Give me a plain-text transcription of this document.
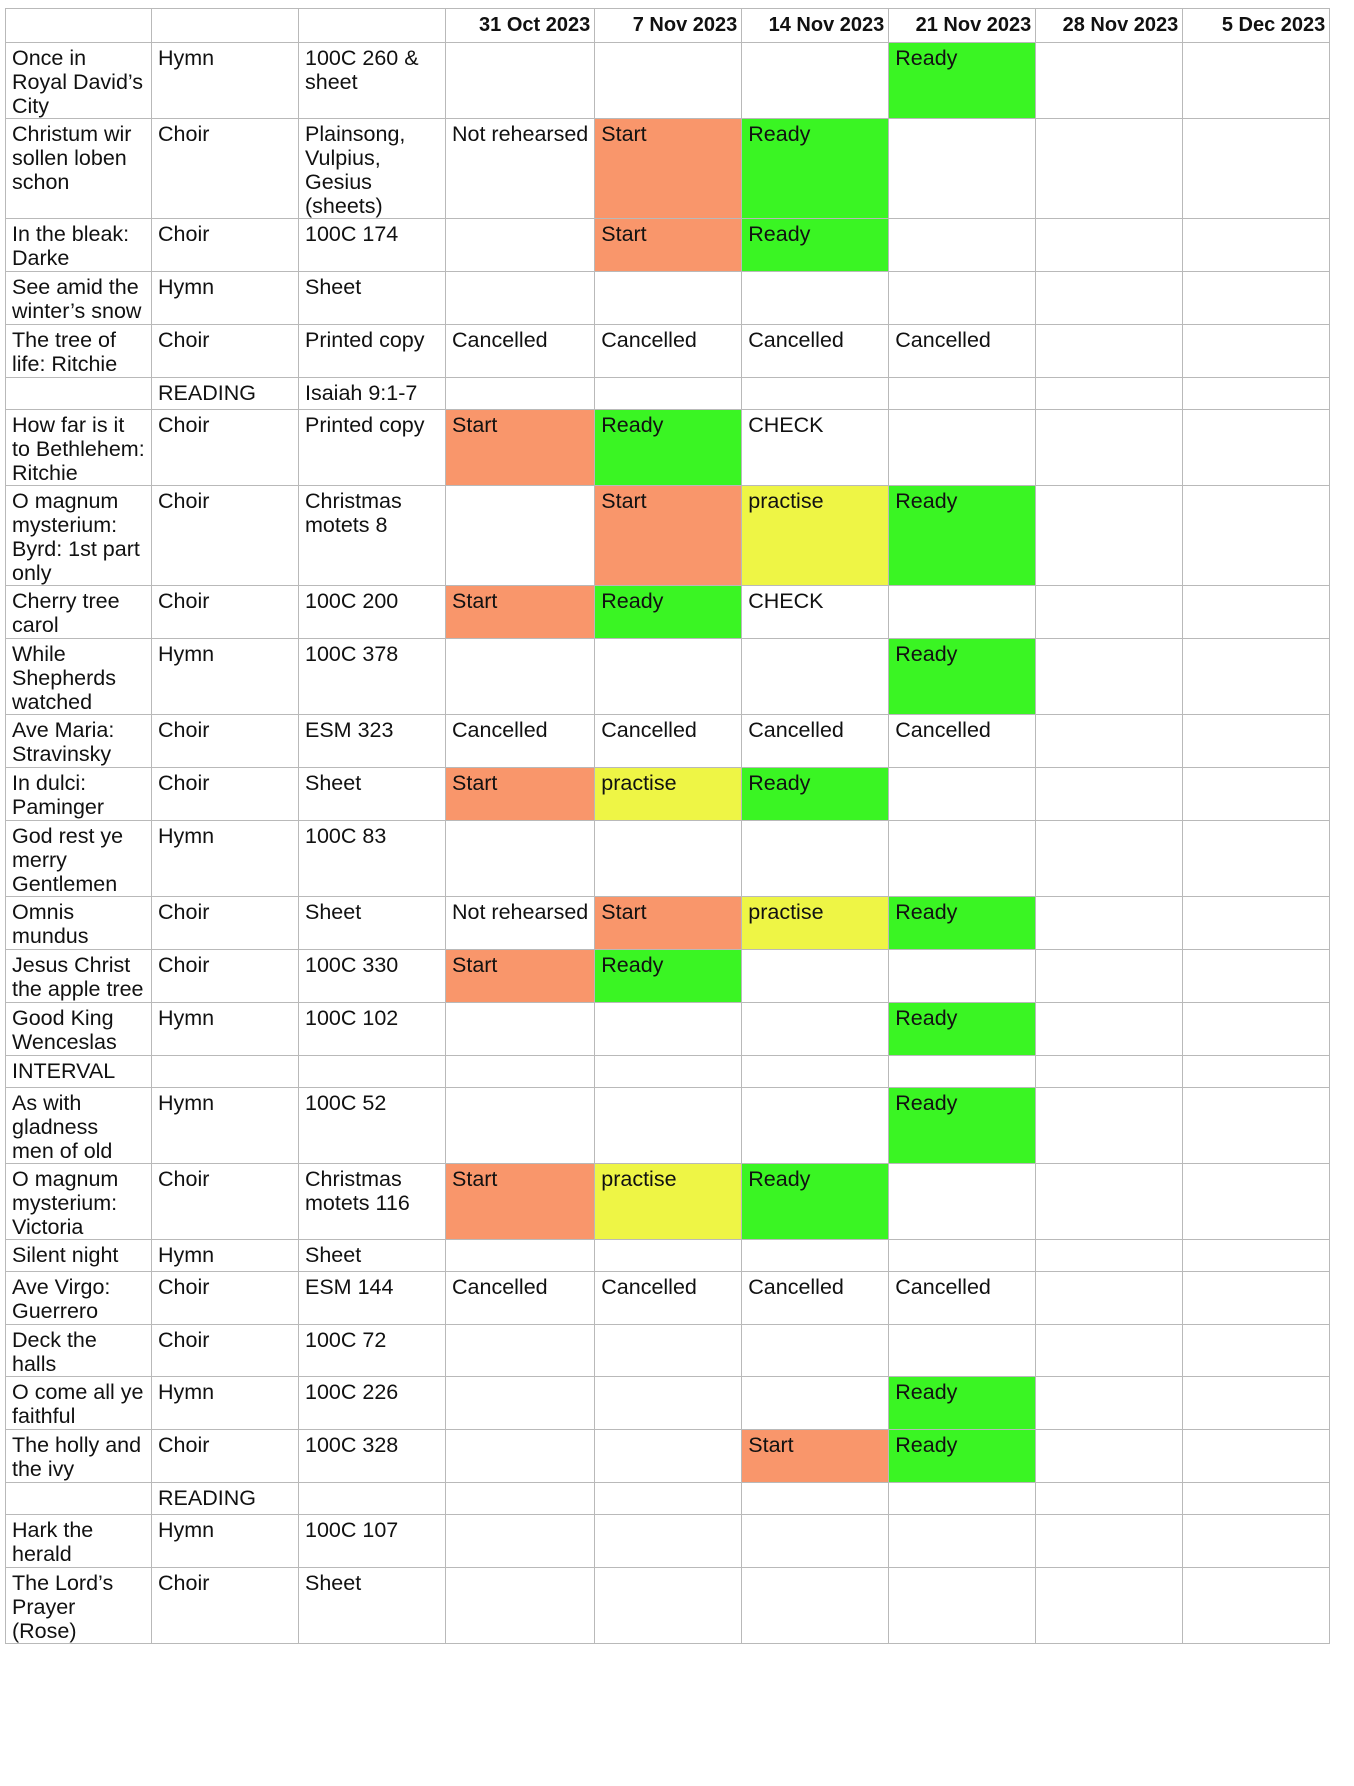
			31 Oct 2023	7 Nov 2023	14 Nov 2023	21 Nov 2023	28 Nov 2023	5 Dec 2023
Once in Royal David’s City	Hymn	100C 260 & sheet				Ready		
Christum wir sollen loben schon	Choir	Plainsong, Vulpius, Gesius (sheets)	Not rehearsed	Start	Ready			
In the bleak: Darke	Choir	100C 174		Start	Ready			
See amid the winter’s snow	Hymn	Sheet						
The tree of life: Ritchie	Choir	Printed copy	Cancelled	Cancelled	Cancelled	Cancelled		
	READING	Isaiah 9:1-7						
How far is it to Bethlehem: Ritchie	Choir	Printed copy	Start	Ready	CHECK			
O magnum mysterium: Byrd: 1st part only	Choir	Christmas motets 8		Start	practise	Ready		
Cherry tree carol	Choir	100C 200	Start	Ready	CHECK			
While Shepherds watched	Hymn	100C 378				Ready		
Ave Maria: Stravinsky	Choir	ESM 323	Cancelled	Cancelled	Cancelled	Cancelled		
In dulci: Paminger	Choir	Sheet	Start	practise	Ready			
God rest ye merry Gentlemen	Hymn	100C 83						
Omnis mundus	Choir	Sheet	Not rehearsed	Start	practise	Ready		
Jesus Christ the apple tree	Choir	100C 330	Start	Ready				
Good King Wenceslas	Hymn	100C 102				Ready		
INTERVAL								
As with gladness men of old	Hymn	100C 52				Ready		
O magnum mysterium: Victoria	Choir	Christmas motets 116	Start	practise	Ready			
Silent night	Hymn	Sheet						
Ave Virgo: Guerrero	Choir	ESM 144	Cancelled	Cancelled	Cancelled	Cancelled		
Deck the halls	Choir	100C 72						
O come all ye faithful	Hymn	100C 226				Ready		
The holly and the ivy	Choir	100C 328			Start	Ready		
	READING							
Hark the herald	Hymn	100C 107						
The Lord’s Prayer (Rose)	Choir	Sheet						
